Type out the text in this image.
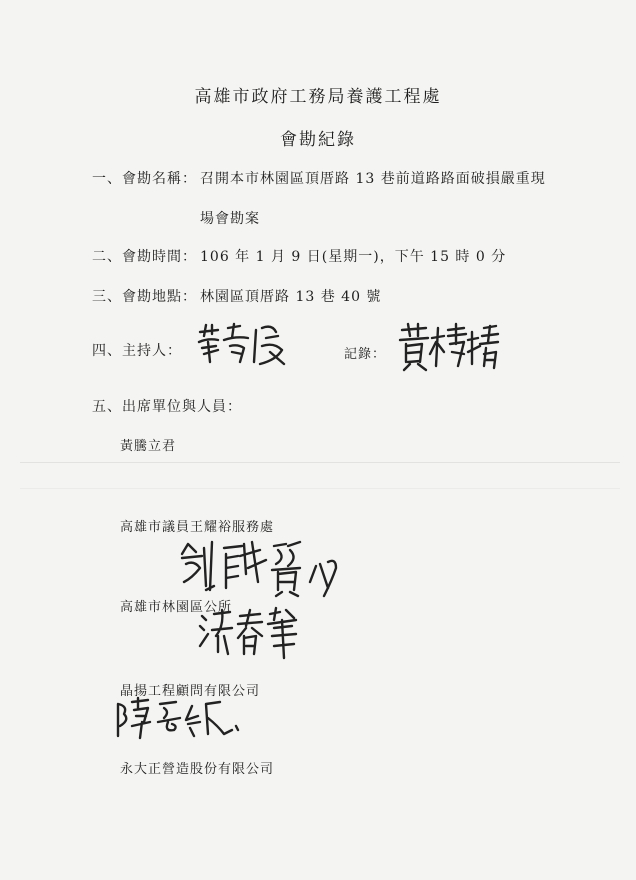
高雄市政府工務局養護工程處
會勘紀錄
一、會勘名稱： 召開本市林園區頂厝路 13 巷前道路路面破損嚴重現
場會勘案
二、會勘時間： 106 年 1 月 9 日(星期一)，下午 15 時 0 分
三、會勘地點： 林園區頂厝路 13 巷 40 號
四、主持人：	記錄：
五、出席單位與人員：
黃騰立君
高雄市議員王耀裕服務處
高雄市林園區公所
晶揚工程顧問有限公司
永大正營造股份有限公司
